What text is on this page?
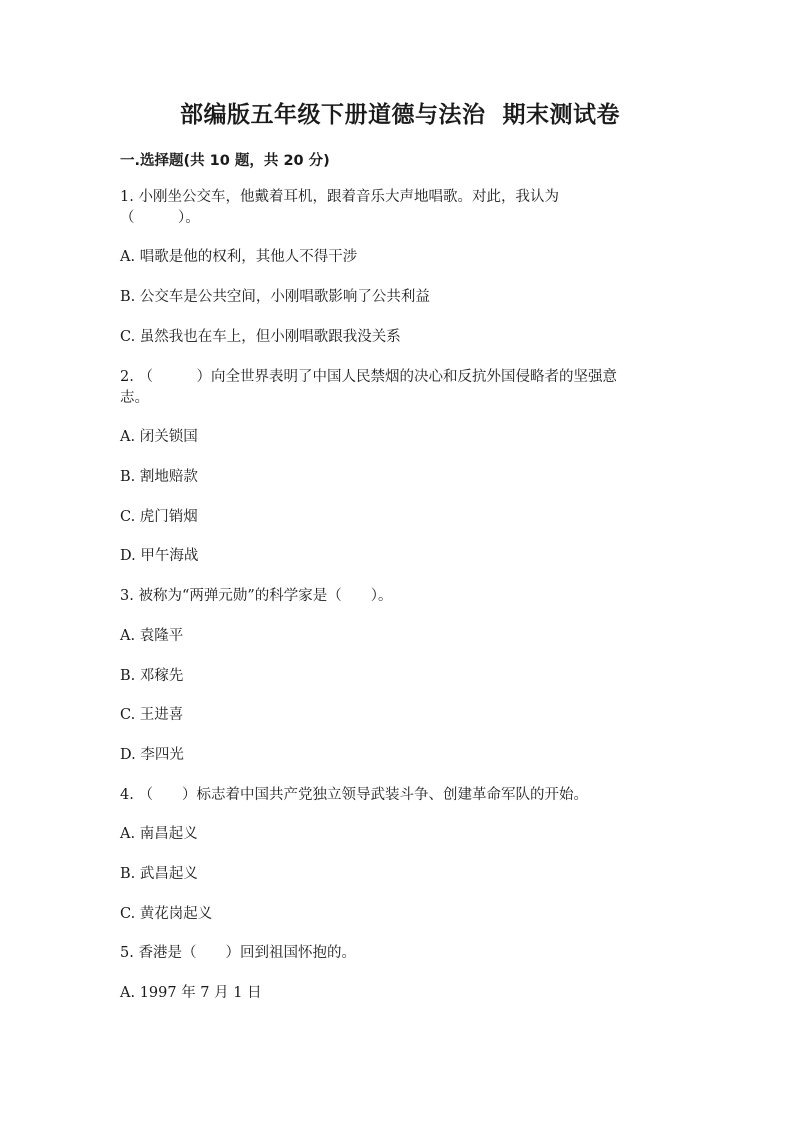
部编版五年级下册道德与法治  期末测试卷
一.选择题(共 10 题，共 20 分)
1. 小刚坐公交车，他戴着耳机，跟着音乐大声地唱歌。对此，我认为
（　　　）。
A. 唱歌是他的权利，其他人不得干涉
B. 公交车是公共空间，小刚唱歌影响了公共利益
C. 虽然我也在车上，但小刚唱歌跟我没关系
2. （　　　）向全世界表明了中国人民禁烟的决心和反抗外国侵略者的坚强意
志。
A. 闭关锁国
B. 割地赔款
C. 虎门销烟
D. 甲午海战
3. 被称为“两弹元勋”的科学家是（　　）。
A. 袁隆平
B. 邓稼先
C. 王进喜
D. 李四光
4. （　　）标志着中国共产党独立领导武装斗争、创建革命军队的开始。
A. 南昌起义
B. 武昌起义
C. 黄花岗起义
5. 香港是（　　）回到祖国怀抱的。
A. 1997 年 7 月 1 日
